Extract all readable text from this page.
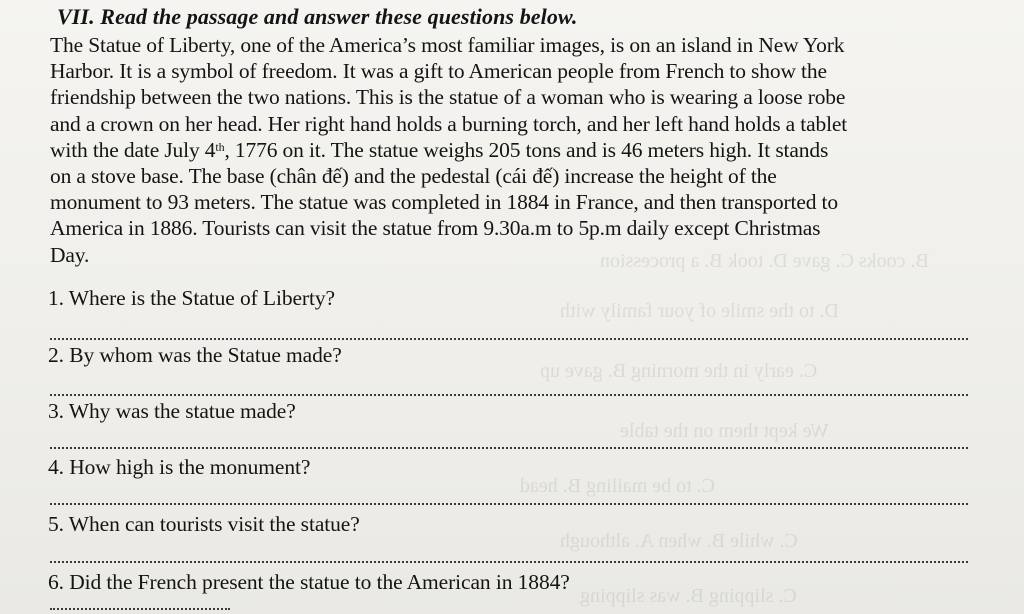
B. cooks C. gave D. took B. a procession
D. to the smile of your family with
C. early in the morning B. gave up
We kept them on the table
C. to be mailing B. head
C. while B. when A. although
C. slipping B. was slipping
VII. Read the passage and answer these questions below.
The Statue of Liberty, one of the America’s most familiar images, is on an island in New York
Harbor. It is a symbol of freedom. It was a gift to American people from French to show the
friendship between the two nations. This is the statue of a woman who is wearing a loose robe
and a crown on her head. Her right hand holds a burning torch, and her left hand holds a tablet
with the date July 4th, 1776 on it. The statue weighs 205 tons and is 46 meters high. It stands
on a stove base. The base (chân đế) and the pedestal (cái đế) increase the height of the
monument to 93 meters. The statue was completed in 1884 in France, and then transported to
America in 1886. Tourists can visit the statue from 9.30a.m to 5p.m daily except Christmas
Day.
1. Where is the Statue of Liberty?
2. By whom was the Statue made?
3. Why was the statue made?
4. How high is the monument?
5. When can tourists visit the statue?
6. Did the French present the statue to the American in 1884?
